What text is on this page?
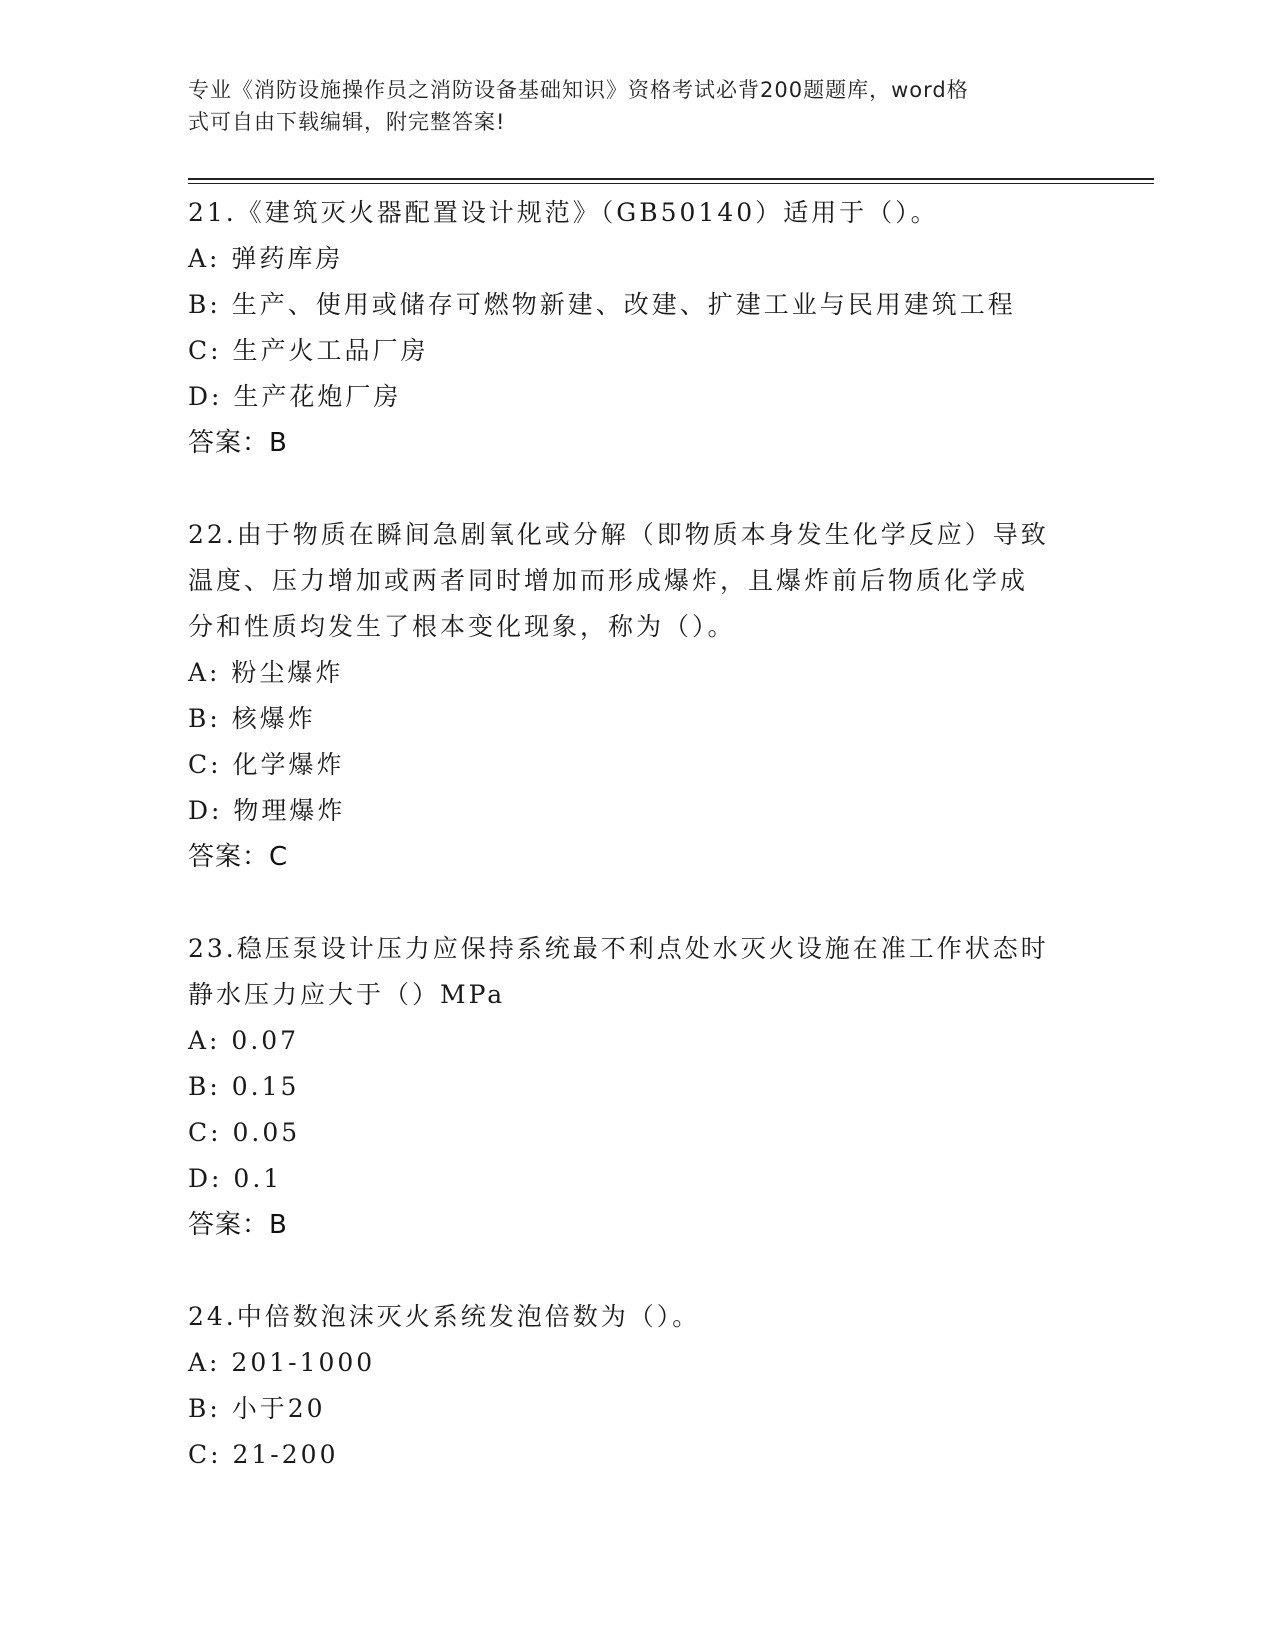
专业《消防设施操作员之消防设备基础知识》资格考试必背200题题库，word格
式可自由下载编辑，附完整答案!
21.《建筑灭火器配置设计规范》（GB50140）适用于（）。
A: 弹药库房
B: 生产、使用或储存可燃物新建、改建、扩建工业与民用建筑工程
C: 生产火工品厂房
D: 生产花炮厂房
答案：B
22.由于物质在瞬间急剧氧化或分解（即物质本身发生化学反应）导致
温度、压力增加或两者同时增加而形成爆炸，且爆炸前后物质化学成
分和性质均发生了根本变化现象，称为（）。
A: 粉尘爆炸
B: 核爆炸
C: 化学爆炸
D: 物理爆炸
答案：C
23.稳压泵设计压力应保持系统最不利点处水灭火设施在准工作状态时
静水压力应大于（）MPa
A: 0.07
B: 0.15
C: 0.05
D: 0.1
答案：B
24.中倍数泡沫灭火系统发泡倍数为（）。
A: 201-1000
B: 小于20
C: 21-200
